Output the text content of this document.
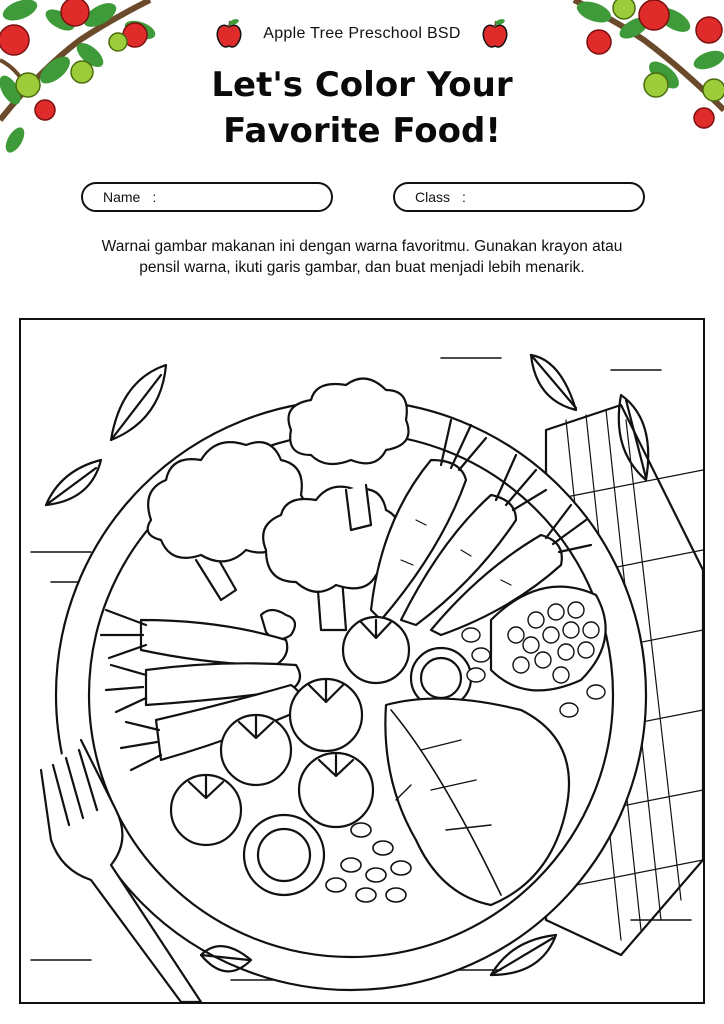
Apple Tree Preschool BSD
Let's Color Your
Favorite Food!
Name :	Class :
Warnai gambar makanan ini dengan warna favoritmu. Gunakan krayon atau
pensil warna, ikuti garis gambar, dan buat menjadi lebih menarik.
